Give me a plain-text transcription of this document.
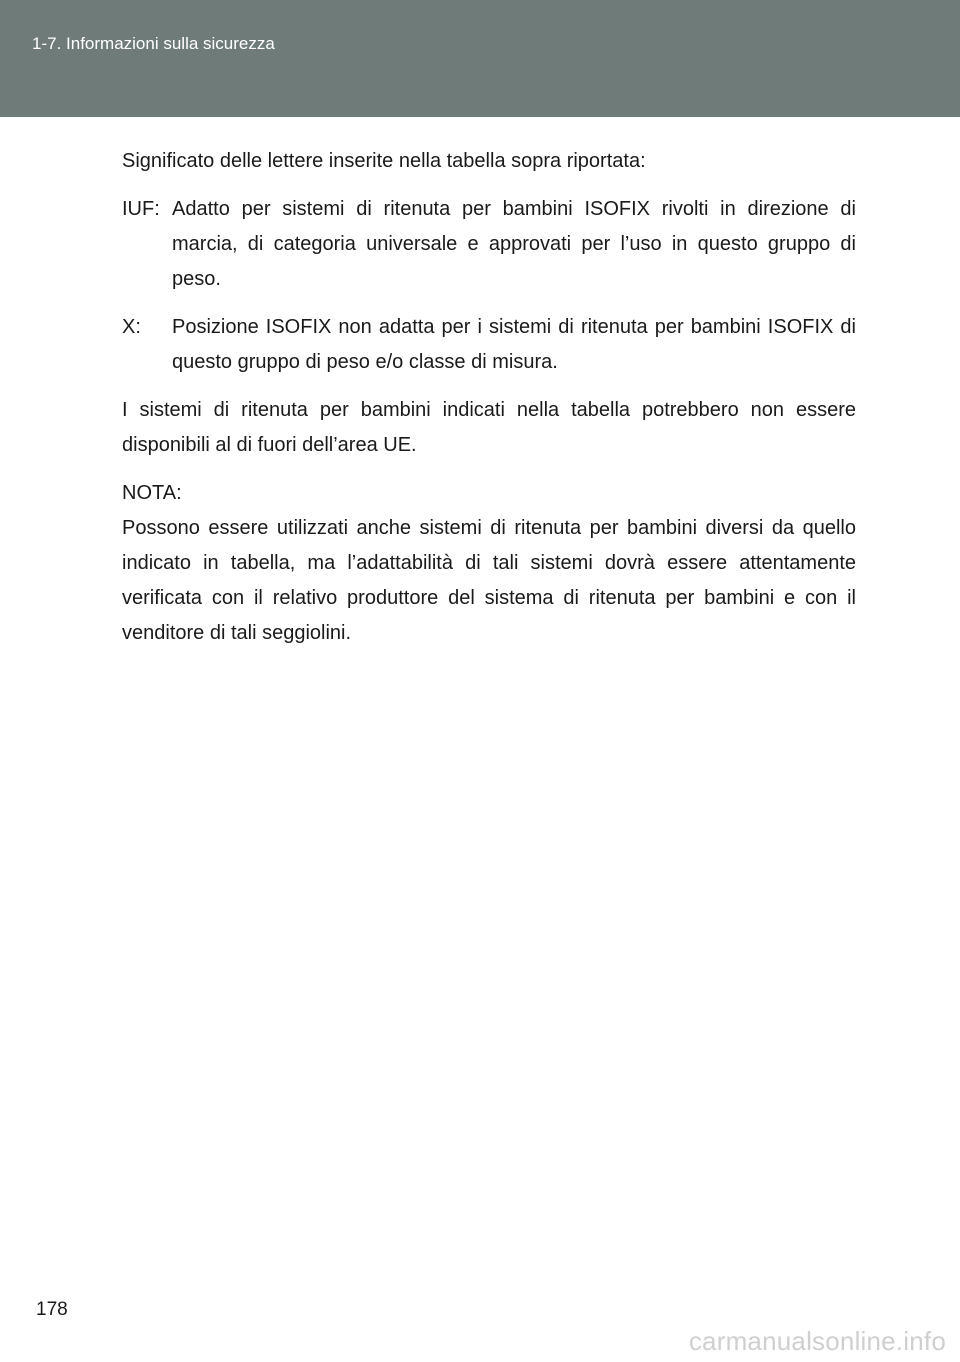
1-7. Informazioni sulla sicurezza

Significato delle lettere inserite nella tabella sopra riportata:

IUF: Adatto per sistemi di ritenuta per bambini ISOFIX rivolti in direzione di marcia, di categoria universale e approvati per l’uso in questo gruppo di peso.
X:	Posizione ISOFIX non adatta per i sistemi di ritenuta per bambini ISOFIX di questo gruppo di peso e/o classe di misura.

I sistemi di ritenuta per bambini indicati nella tabella potrebbero non essere disponibili al di fuori dell’area UE.

NOTA:

Possono essere utilizzati anche sistemi di ritenuta per bambini diversi da quello indicato in tabella, ma l’adattabilità di tali sistemi dovrà essere attentamente verificata con il relativo produttore del sistema di ritenuta per bambini e con il venditore di tali seggiolini.

178
carmanualsonline.info
